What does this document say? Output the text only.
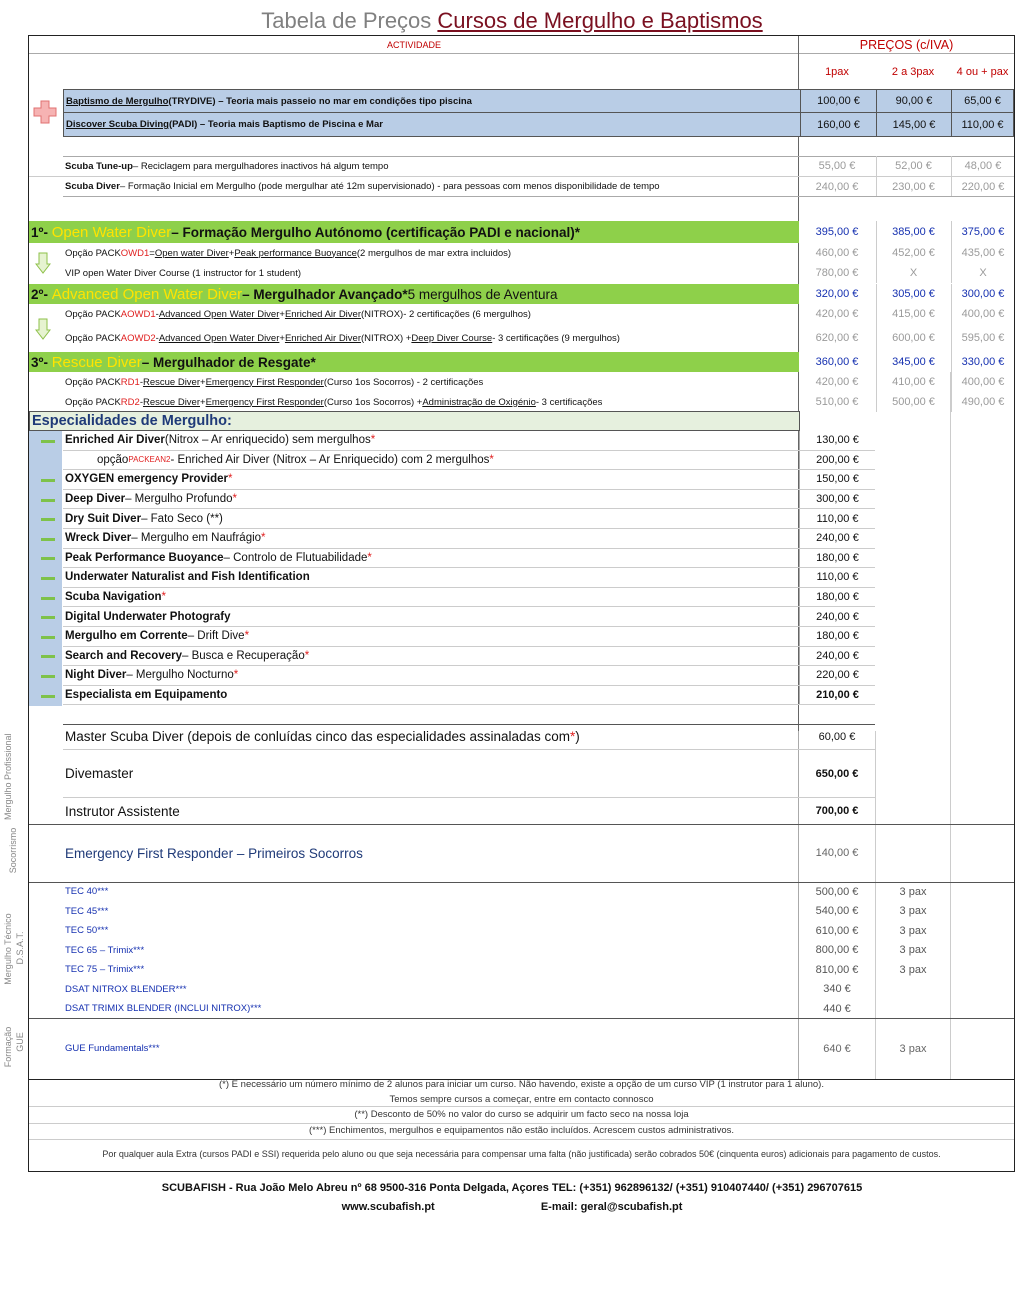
Tabela de Preços Cursos de Mergulho e Baptismos
ACTIVIDADE	PREÇOS (c/IVA)
1pax	2 a 3pax	4 ou + pax
Baptismo de Mergulho (TRYDIVE) – Teoria mais passeio no mar em condições tipo piscina	100,00 €	90,00 €	65,00 €
Discover Scuba Diving (PADI) – Teoria mais Baptismo de Piscina e Mar	160,00 €	145,00 €	110,00 €
Scuba Tune-up – Reciclagem para mergulhadores inactivos há algum tempo	55,00 €	52,00 €	48,00 €
Scuba Diver – Formação Inicial em Mergulho (pode mergulhar até 12m supervisionado) - para pessoas com menos disponibilidade de tempo	240,00 €	230,00 €	220,00 €
1º-
Open Water Diver – Formação Mergulho Autónomo (certificação PADI e nacional)*	395,00 €	385,00 €	375,00 €
Opção PACK OWD1 = Open water Diver + Peak performance Buoyance (2 mergulhos de mar extra incluidos)	460,00 €	452,00 €	435,00 €
VIP open Water Diver Course (1 instructor for 1 student)	780,00 €	X	X
2º-
Advanced Open Water Diver – Mergulhador Avançado* 5 mergulhos de Aventura	320,00 €	305,00 €	300,00 €
Opção PACK AOWD1 - Advanced Open Water Diver + Enriched Air Diver (NITROX) - 2 certificações (6 mergulhos)	420,00 €	415,00 €	400,00 €
Opção PACK AOWD2 - Advanced Open Water Diver + Enriched Air Diver (NITROX) + Deep Diver Course - 3 certificações (9 mergulhos)	620,00 €	600,00 €	595,00 €
3º-
Rescue Diver – Mergulhador de Resgate*	360,00 €	345,00 €	330,00 €
Opção PACK RD1 - Rescue Diver + Emergency First Responder (Curso 1os Socorros) - 2 certificações	420,00 €	410,00 €	400,00 €
Opção PACK RD2 - Rescue Diver + Emergency First Responder (Curso 1os Socorros) + Administração de Oxigénio - 3 certificações	510,00 €	500,00 €	490,00 €
Especialidades de Mergulho:
Enriched Air Diver (Nitrox – Ar enriquecido) sem mergulhos *	130,00 €
opção PACKEAN2 - Enriched Air Diver (Nitrox – Ar Enriquecido) com 2 mergulhos *	200,00 €
OXYGEN emergency Provider *	150,00 €
Deep Diver – Mergulho Profundo *	300,00 €
Dry Suit Diver – Fato Seco (**)	110,00 €
Wreck Diver – Mergulho em Naufrágio *	240,00 €
Peak Performance Buoyance – Controlo de Flutuabilidade *	180,00 €
Underwater Naturalist and Fish Identification	110,00 €
Scuba Navigation *	180,00 €
Digital Underwater Photografy	240,00 €
Mergulho em Corrente – Drift Dive *	180,00 €
Search and Recovery – Busca e Recuperação *	240,00 €
Night Diver – Mergulho Nocturno *	220,00 €
Especialista em Equipamento	210,00 €
Master Scuba Diver (depois de conluídas cinco das especialidades assinaladas com * )	60,00 €
Divemaster	650,00 €
Instrutor Assistente	700,00 €
Emergency First Responder – Primeiros Socorros	140,00 €
TEC 40***	500,00 €	3 pax
TEC 45***	540,00 €	3 pax
TEC 50***	610,00 €	3 pax
TEC 65 – Trimix***	800,00 €	3 pax
TEC 75 – Trimix***	810,00 €	3 pax
DSAT NITROX BLENDER***	340 €
DSAT TRIMIX BLENDER (INCLUI NITROX)***	440 €
GUE Fundamentals***	640 €	3 pax
(*) É necessário um número mínimo de 2 alunos para iniciar um curso. Não havendo, existe a opção de um curso VIP (1 instrutor para 1 aluno).
Temos sempre cursos a começar, entre em contacto connosco
(**) Desconto de 50% no valor do curso se adquirir um facto seco na nossa loja
(***) Enchimentos, mergulhos e equipamentos não estão incluídos. Acrescem custos administrativos.
Por qualquer aula Extra (cursos PADI e SSI) requerida pelo aluno ou que seja necessária para compensar uma falta (não justificada) serão cobrados 50€ (cinquenta euros) adicionais para pagamento de custos.
Mergulho Profissional
Socorrismo
Mergulho Técnico D.S.A.T.
Formação GUE
SCUBAFISH - Rua João Melo Abreu nº 68 9500-316 Ponta Delgada, Açores TEL: (+351) 962896132/ (+351) 910407440/ (+351) 296707615
www.scubafish.pt	E-mail: geral@scubafish.pt
